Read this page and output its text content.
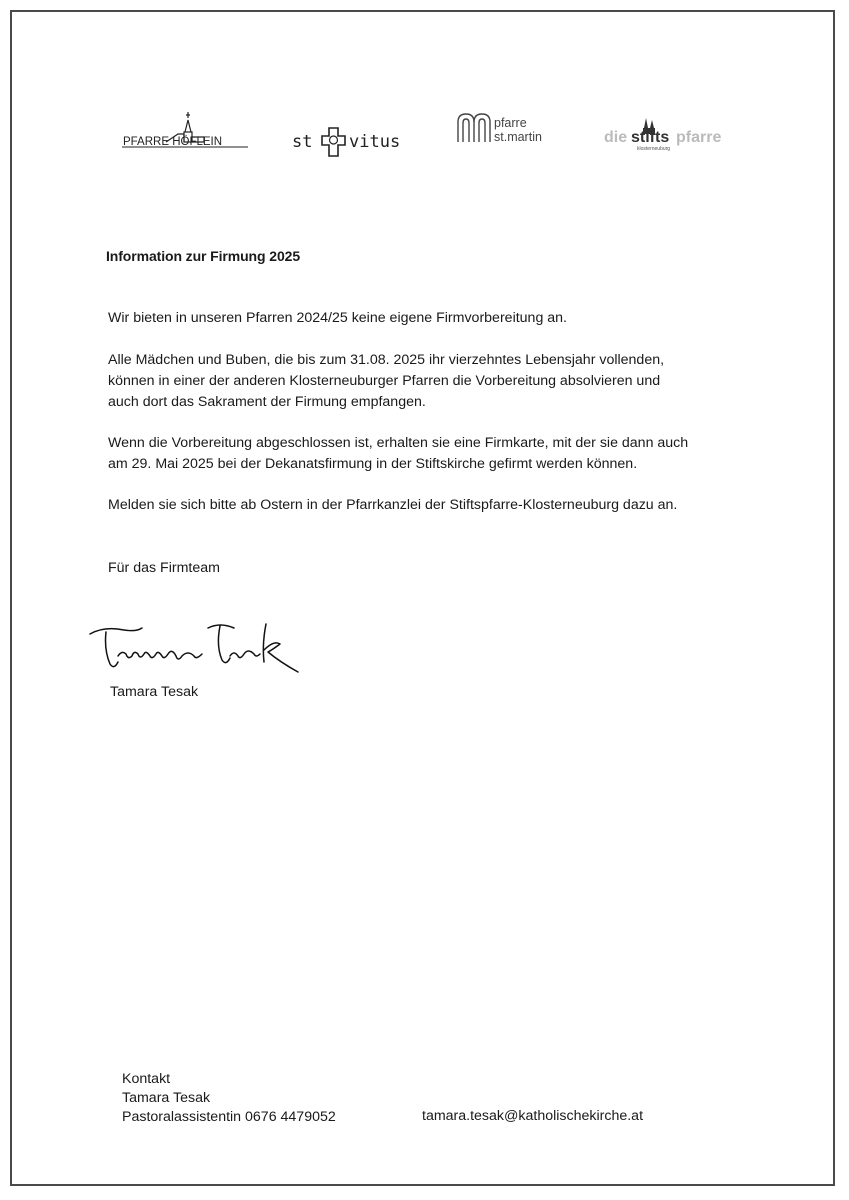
PFARRE HÖFLEIN	st vitus
pfarre
st.martin	die stifts pfarre
klosterneuburg
Information zur Firmung 2025

Wir bieten in unseren Pfarren 2024/25 keine eigene Firmvorbereitung an.

Alle Mädchen und Buben, die bis zum 31.08. 2025 ihr vierzehntes Lebensjahr vollenden,
können in einer der anderen Klosterneuburger Pfarren die Vorbereitung absolvieren und
auch dort das Sakrament der Firmung empfangen.

Wenn die Vorbereitung abgeschlossen ist, erhalten sie eine Firmkarte, mit der sie dann auch
am 29. Mai 2025 bei der Dekanatsfirmung in der Stiftskirche gefirmt werden können.

Melden sie sich bitte ab Ostern in der Pfarrkanzlei der Stiftspfarre-Klosterneuburg dazu an.

Für das Firmteam

Tamara Tesak
Kontakt
Tamara Tesak
Pastoralassistentin 0676 4479052	tamara.tesak@katholischekirche.at
